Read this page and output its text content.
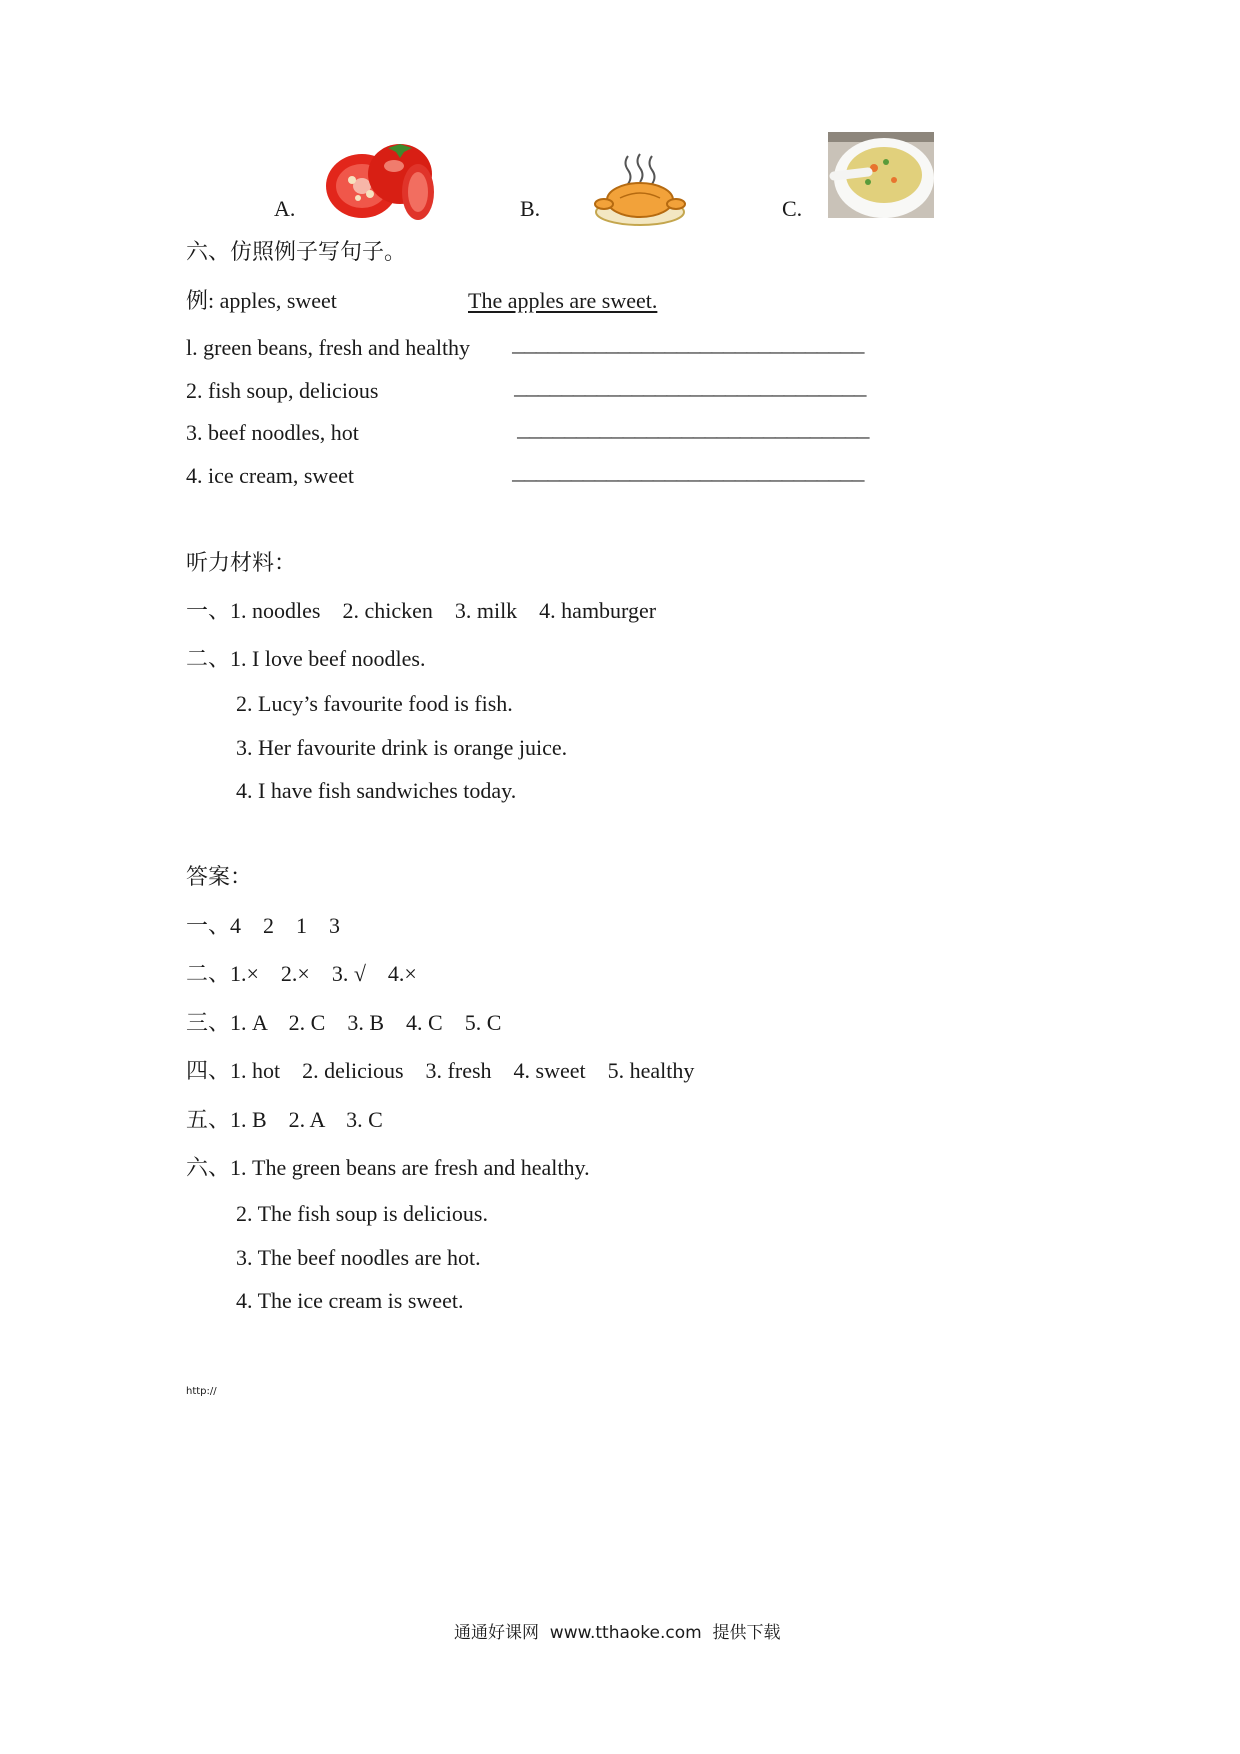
A.	B.	C.
六、仿照例子写句子。
例: apples, sweet	The apples are sweet.
l. green beans, fresh and healthy ______________________________
2. fish soup, delicious	______________________________
3. beef noodles, hot	______________________________
4. ice cream, sweet	______________________________
听力材料：
一、1. noodles    2. chicken    3. milk    4. hamburger
二、1. I love beef noodles.
2. Lucy’s favourite food is fish.
3. Her favourite drink is orange juice.
4. I have fish sandwiches today.
答案：
一、4    2    1    3
二、1.×    2.×    3. √    4.×
三、1. A    2. C    3. B    4. C    5. C
四、1. hot    2. delicious    3. fresh    4. sweet    5. healthy
五、1. B    2. A    3. C
六、1. The green beans are fresh and healthy.
2. The fish soup is delicious.
3. The beef noodles are hot.
4. The ice cream is sweet.
http://
通通好课网  www.tthaoke.com  提供下载
